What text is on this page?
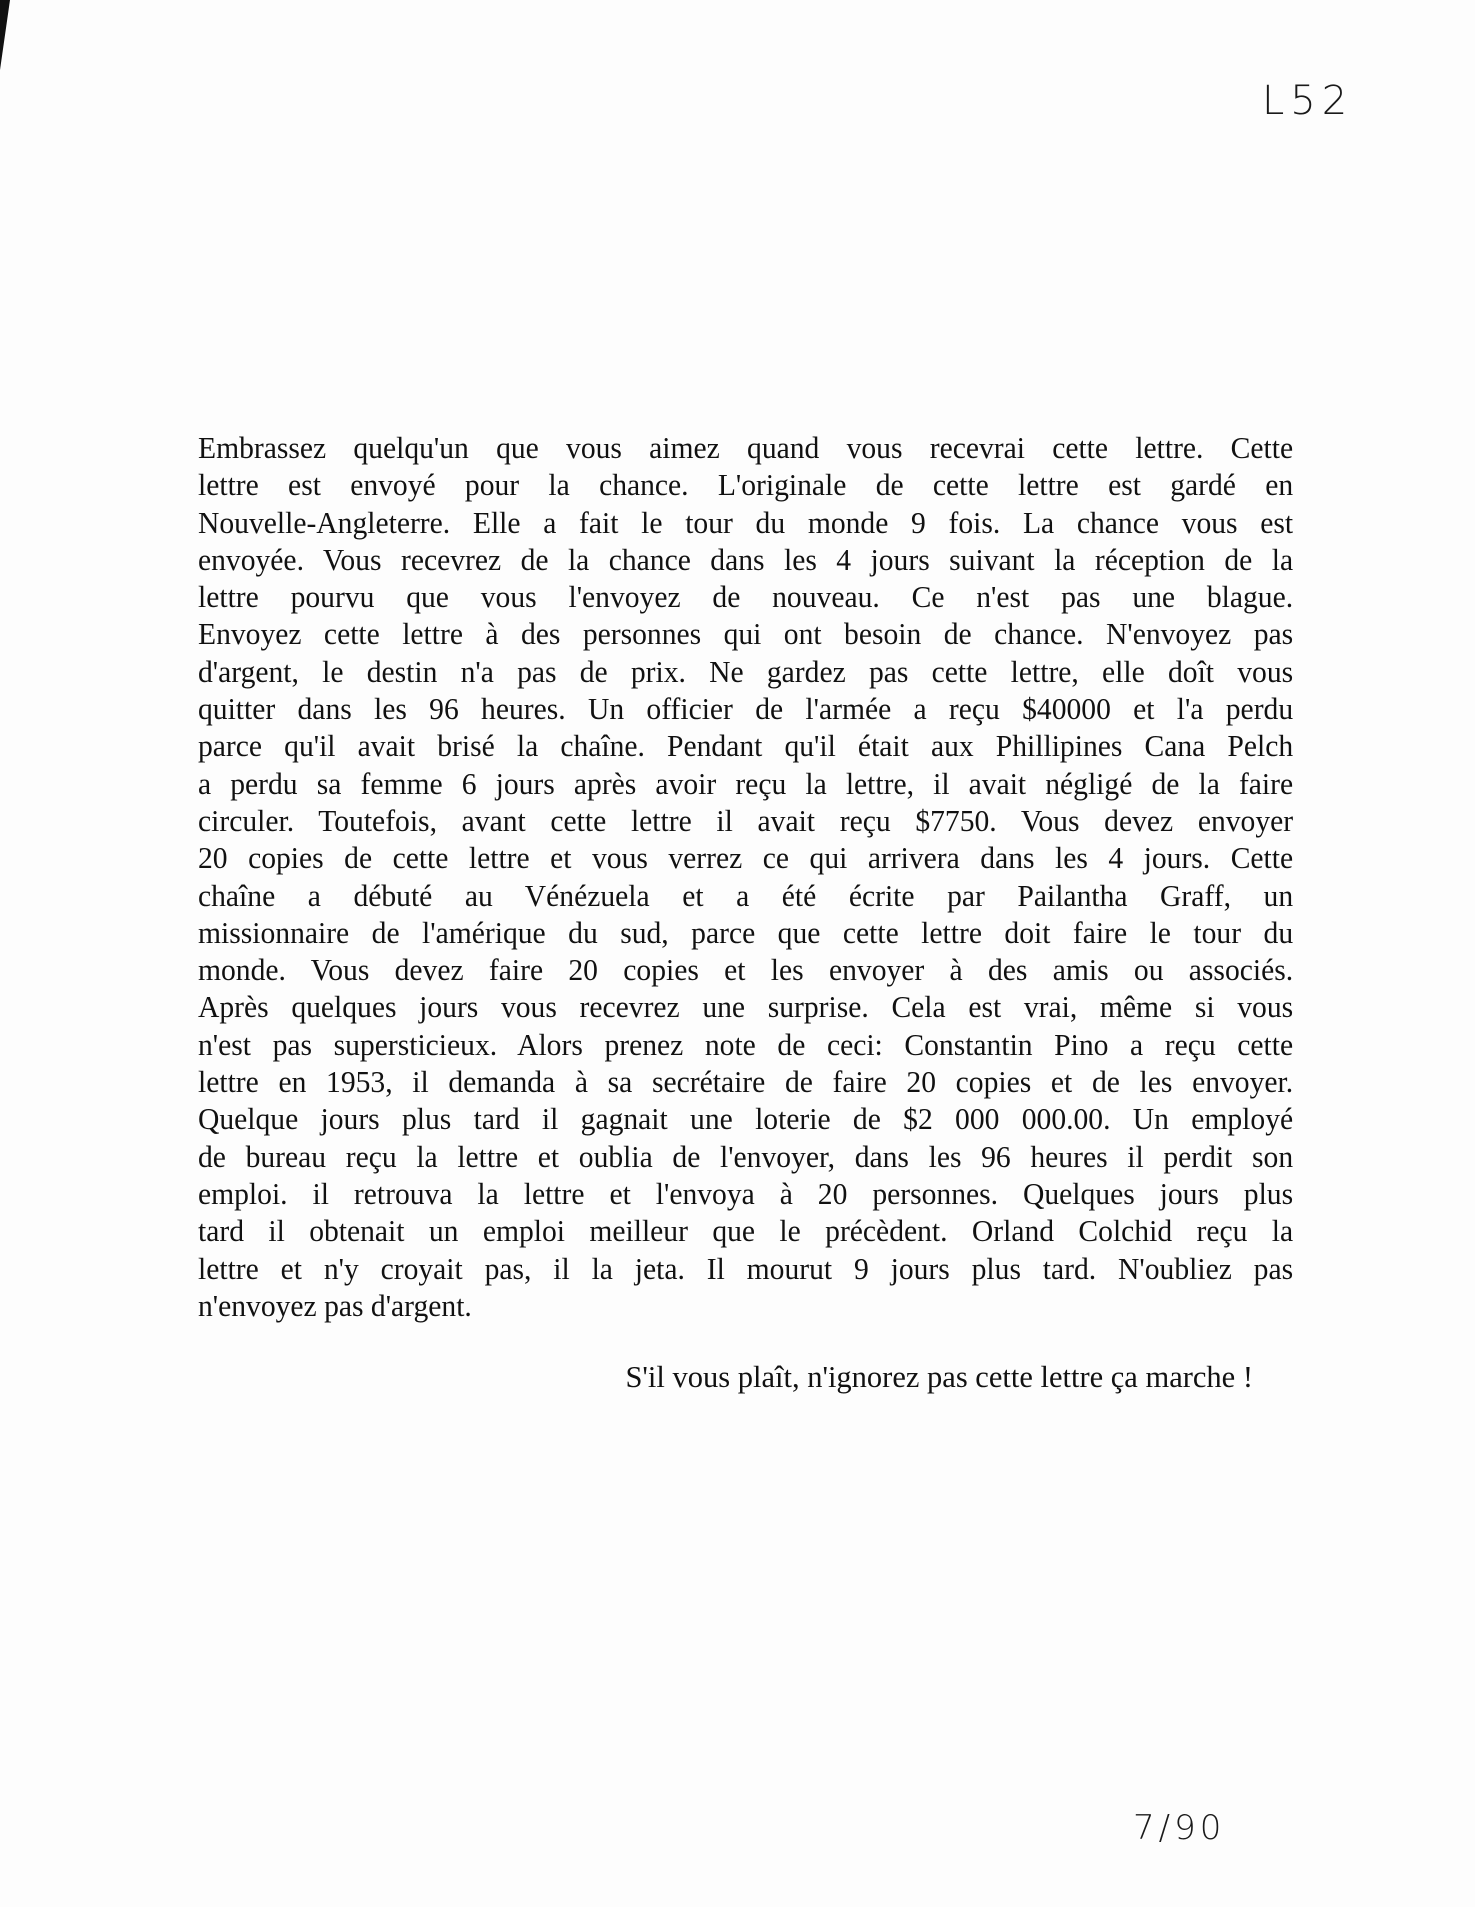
L52
Embrassez quelqu'un que vous aimez quand vous recevrai cette lettre. Cette
lettre est envoyé pour la chance. L'originale de cette lettre est gardé en
Nouvelle-Angleterre. Elle a fait le tour du monde 9 fois. La chance vous est
envoyée. Vous recevrez de la chance dans les 4 jours suivant la réception de la
lettre pourvu que vous l'envoyez de nouveau. Ce n'est pas une blague.
Envoyez cette lettre à des personnes qui ont besoin de chance. N'envoyez pas
d'argent, le destin n'a pas de prix. Ne gardez pas cette lettre, elle doît vous
quitter dans les 96 heures. Un officier de l'armée a reçu $40000 et l'a perdu
parce qu'il avait brisé la chaîne. Pendant qu'il était aux Phillipines Cana Pelch
a perdu sa femme 6 jours après avoir reçu la lettre, il avait négligé de la faire
circuler. Toutefois, avant cette lettre il avait reçu $7750. Vous devez envoyer
20 copies de cette lettre et vous verrez ce qui arrivera dans les 4 jours. Cette
chaîne a débuté au Vénézuela et a été écrite par Pailantha Graff, un
missionnaire de l'amérique du sud, parce que cette lettre doit faire le tour du
monde. Vous devez faire 20 copies et les envoyer à des amis ou associés.
Après quelques jours vous recevrez une surprise. Cela est vrai, même si vous
n'est pas supersticieux. Alors prenez note de ceci: Constantin Pino a reçu cette
lettre en 1953, il demanda à sa secrétaire de faire 20 copies et de les envoyer.
Quelque jours plus tard il gagnait une loterie de $2 000 000.00. Un employé
de bureau reçu la lettre et oublia de l'envoyer, dans les 96 heures il perdit son
emploi. il retrouva la lettre et l'envoya à 20 personnes. Quelques jours plus
tard il obtenait un emploi meilleur que le précèdent. Orland Colchid reçu la
lettre et n'y croyait pas, il la jeta. Il mourut 9 jours plus tard. N'oubliez pas
n'envoyez pas d'argent.
S'il vous plaît, n'ignorez pas cette lettre ça marche !
7/90
